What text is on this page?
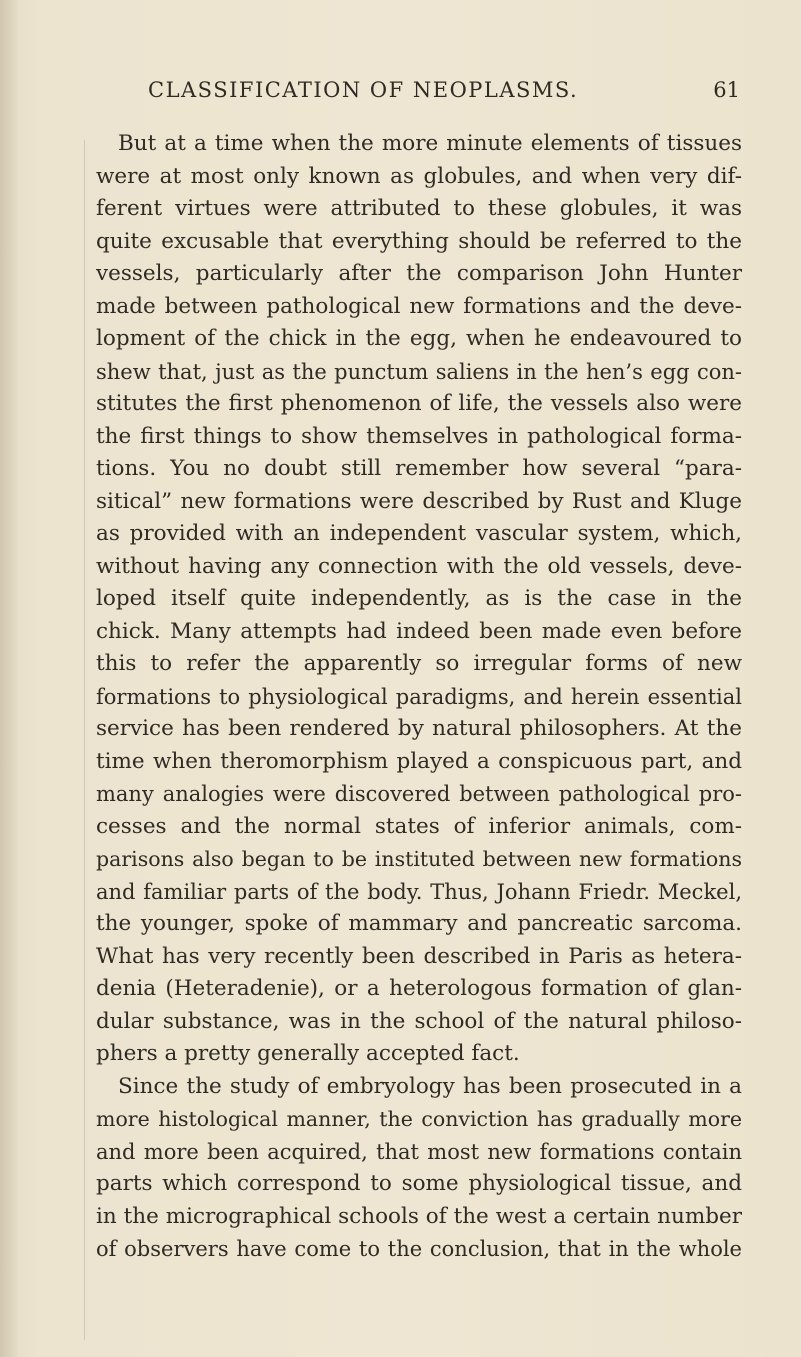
CLASSIFICATION OF NEOPLASMS.	61
But at a time when the more minute elements of tissues
were at most only known as globules, and when very dif-
ferent virtues were attributed to these globules, it was
quite excusable that everything should be referred to the
vessels, particularly after the comparison John Hunter
made between pathological new formations and the deve-
lopment of the chick in the egg, when he endeavoured to
shew that, just as the punctum saliens in the hen’s egg con-
stitutes the first phenomenon of life, the vessels also were
the first things to show themselves in pathological forma-
tions. You no doubt still remember how several “para-
sitical” new formations were described by Rust and Kluge
as provided with an independent vascular system, which,
without having any connection with the old vessels, deve-
loped itself quite independently, as is the case in the
chick. Many attempts had indeed been made even before
this to refer the apparently so irregular forms of new
formations to physiological paradigms, and herein essential
service has been rendered by natural philosophers. At the
time when theromorphism played a conspicuous part, and
many analogies were discovered between pathological pro-
cesses and the normal states of inferior animals, com-
parisons also began to be instituted between new formations
and familiar parts of the body. Thus, Johann Friedr. Meckel,
the younger, spoke of mammary and pancreatic sarcoma.
What has very recently been described in Paris as hetera-
denia (Heteradenie), or a heterologous formation of glan-
dular substance, was in the school of the natural philoso-
phers a pretty generally accepted fact.
Since the study of embryology has been prosecuted in a
more histological manner, the conviction has gradually more
and more been acquired, that most new formations contain
parts which correspond to some physiological tissue, and
in the micrographical schools of the west a certain number
of observers have come to the conclusion, that in the whole
